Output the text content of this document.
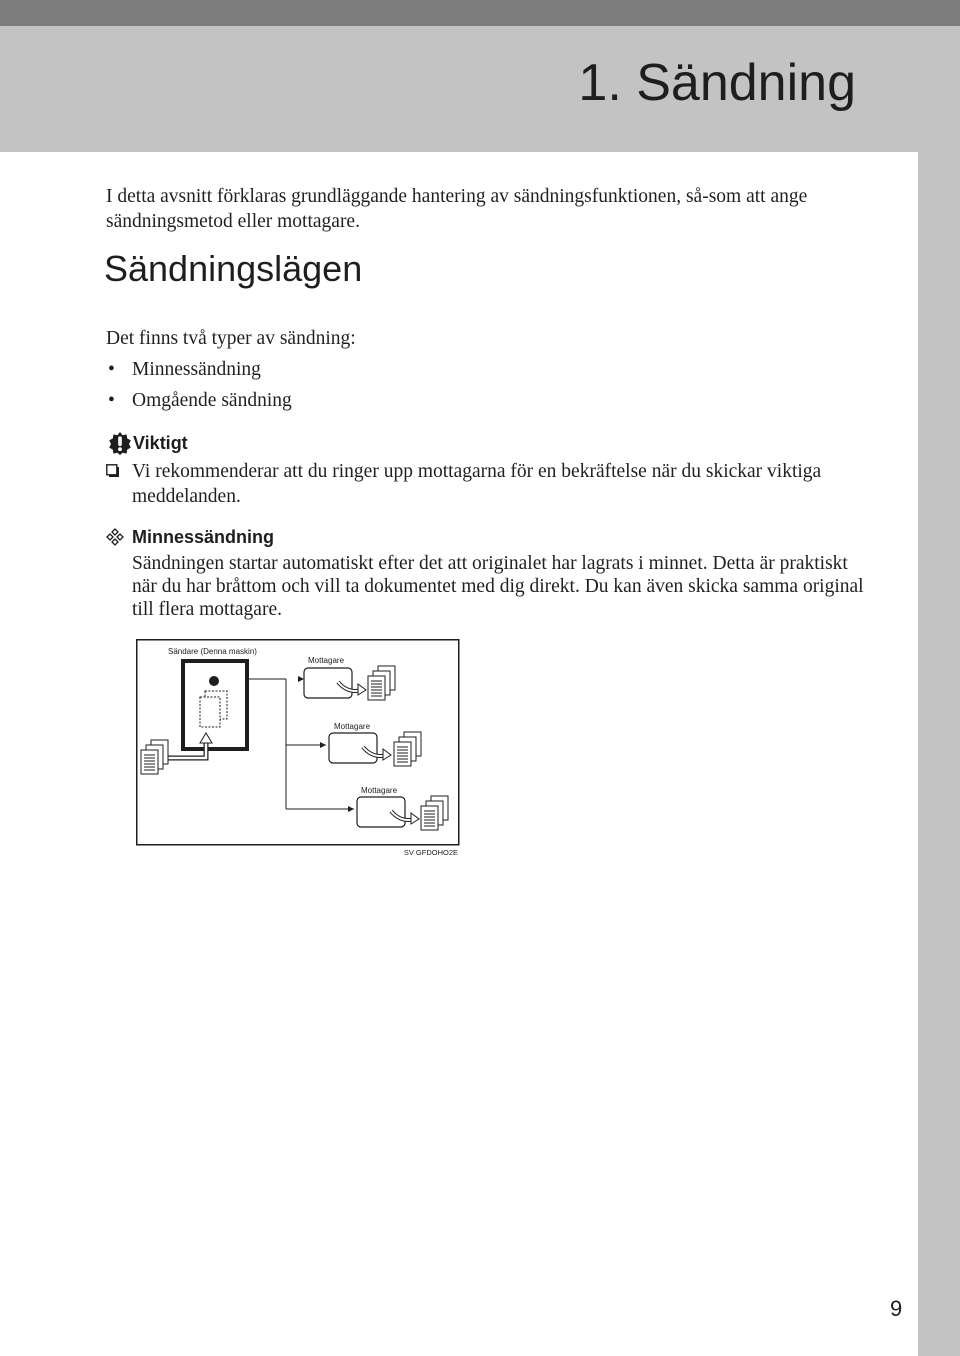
1. Sändning

I detta avsnitt förklaras grundläggande hantering av sändningsfunktionen, så-som att ange sändningsmetod eller mottagare.

Sändningslägen

Det finns två typer av sändning:

• Minnessändning
• Omgående sändning
Viktigt
Vi rekommenderar att du ringer upp mottagarna för en bekräftelse när du skickar viktiga meddelanden.
Minnessändning

Sändningen startar automatiskt efter det att originalet har lagrats i minnet. Detta är praktiskt när du har bråttom och vill ta dokumentet med dig direkt. Du kan även skicka samma original till flera mottagare.

Sändare (Denna maskin)
Mottagare
Mottagare
Mottagare
SV GFDOHO2E
9
